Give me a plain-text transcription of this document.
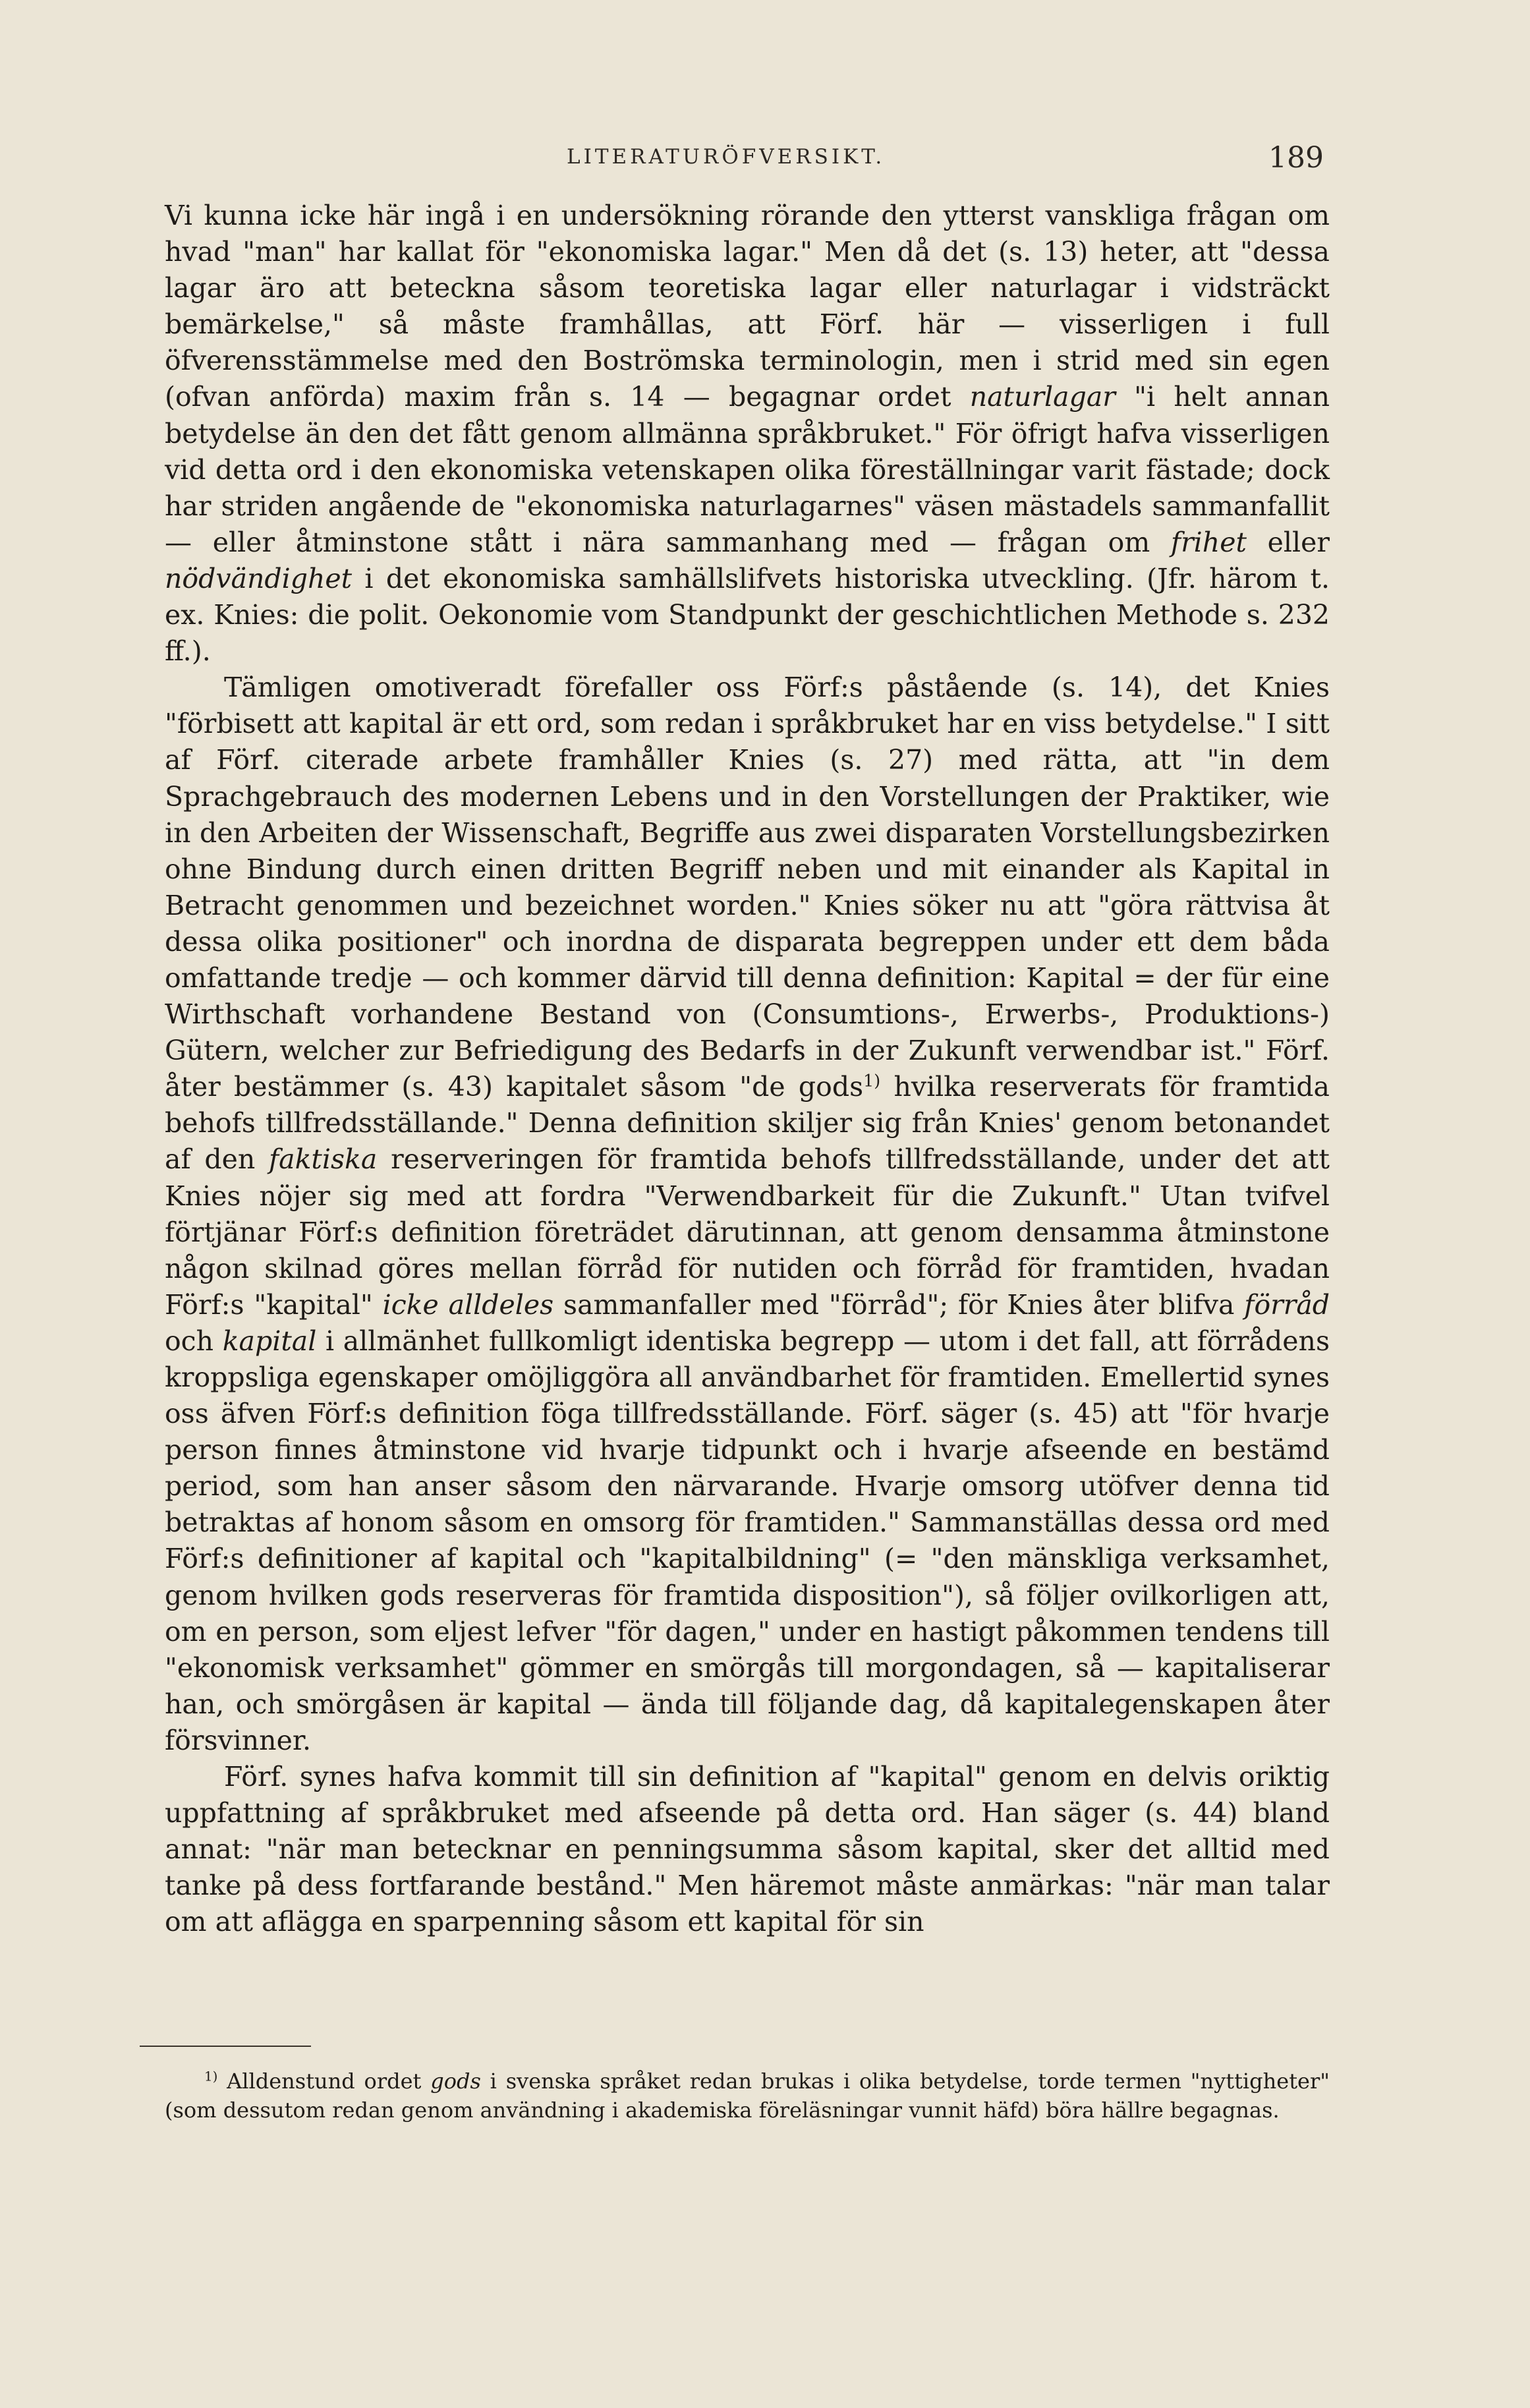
LITERATURÖFVERSIKT.	189

Vi kunna icke här ingå i en undersökning rörande den ytterst vanskliga frågan om hvad "man" har kallat för "ekonomiska lagar." Men då det (s. 13) heter, att "dessa lagar äro att beteckna såsom teoretiska lagar eller naturlagar i vidsträckt bemärkelse," så måste framhållas, att Förf. här — visserligen i full öfverensstämmelse med den Boströmska terminologin, men i strid med sin egen (ofvan anförda) maxim från s. 14 — begagnar ordet naturlagar "i helt annan betydelse än den det fått genom allmänna språkbruket." För öfrigt hafva visserligen vid detta ord i den ekonomiska vetenskapen olika föreställningar varit fästade; dock har striden angående de "ekonomiska naturlagarnes" väsen mästadels sammanfallit — eller åtminstone stått i nära sammanhang med — frågan om frihet eller nödvändighet i det ekonomiska samhällslifvets historiska utveckling. (Jfr. härom t. ex. Knies: die polit. Oekonomie vom Standpunkt der geschichtlichen Methode s. 232 ff.).

Tämligen omotiveradt förefaller oss Förf:s påstående (s. 14), det Knies "förbisett att kapital är ett ord, som redan i språkbruket har en viss betydelse." I sitt af Förf. citerade arbete framhåller Knies (s. 27) med rätta, att "in dem Sprachgebrauch des modernen Lebens und in den Vorstellungen der Praktiker, wie in den Arbeiten der Wissenschaft, Begriffe aus zwei disparaten Vorstellungsbezirken ohne Bindung durch einen dritten Begriff neben und mit einander als Kapital in Betracht genommen und bezeichnet worden." Knies söker nu att "göra rättvisa åt dessa olika positioner" och inordna de disparata begreppen under ett dem båda omfattande tredje — och kommer därvid till denna definition: Kapital = der für eine Wirthschaft vorhandene Bestand von (Consumtions-, Erwerbs-, Produktions-) Gütern, welcher zur Befriedigung des Bedarfs in der Zukunft verwendbar ist." Förf. åter bestämmer (s. 43) kapitalet såsom "de gods$^{1)}$ hvilka reserverats för framtida behofs tillfredsställande." Denna definition skiljer sig från Knies' genom betonandet af den faktiska reserveringen för framtida behofs tillfredsställande, under det att Knies nöjer sig med att fordra "Verwendbarkeit für die Zukunft." Utan tvifvel förtjänar Förf:s definition företrädet därutinnan, att genom densamma åtminstone någon skilnad göres mellan förråd för nutiden och förråd för framtiden, hvadan Förf:s "kapital" icke alldeles sammanfaller med "förråd"; för Knies åter blifva förråd och kapital i allmänhet fullkomligt identiska begrepp — utom i det fall, att förrådens kroppsliga egenskaper omöjliggöra all användbarhet för framtiden. Emellertid synes oss äfven Förf:s definition föga tillfredsställande. Förf. säger (s. 45) att "för hvarje person finnes åtminstone vid hvarje tidpunkt och i hvarje afseende en bestämd period, som han anser såsom den närvarande. Hvarje omsorg utöfver denna tid betraktas af honom såsom en omsorg för framtiden." Sammanställas dessa ord med Förf:s definitioner af kapital och "kapitalbildning" (= "den mänskliga verksamhet, genom hvilken gods reserveras för framtida disposition"), så följer ovilkorligen att, om en person, som eljest lefver "för dagen," under en hastigt påkommen tendens till "ekonomisk verksamhet" gömmer en smörgås till morgondagen, så — kapitaliserar han, och smörgåsen är kapital — ända till följande dag, då kapitalegenskapen åter försvinner.

Förf. synes hafva kommit till sin definition af "kapital" genom en delvis oriktig uppfattning af språkbruket med afseende på detta ord. Han säger (s. 44) bland annat: "när man betecknar en penningsumma såsom kapital, sker det alltid med tanke på dess fortfarande bestånd." Men häremot måste anmärkas: "när man talar om att aflägga en sparpenning såsom ett kapital för sin

$^{1)}$ Alldenstund ordet gods i svenska språket redan brukas i olika betydelse, torde termen "nyttigheter" (som dessutom redan genom användning i akademiska föreläsningar vunnit häfd) böra hällre begagnas.
